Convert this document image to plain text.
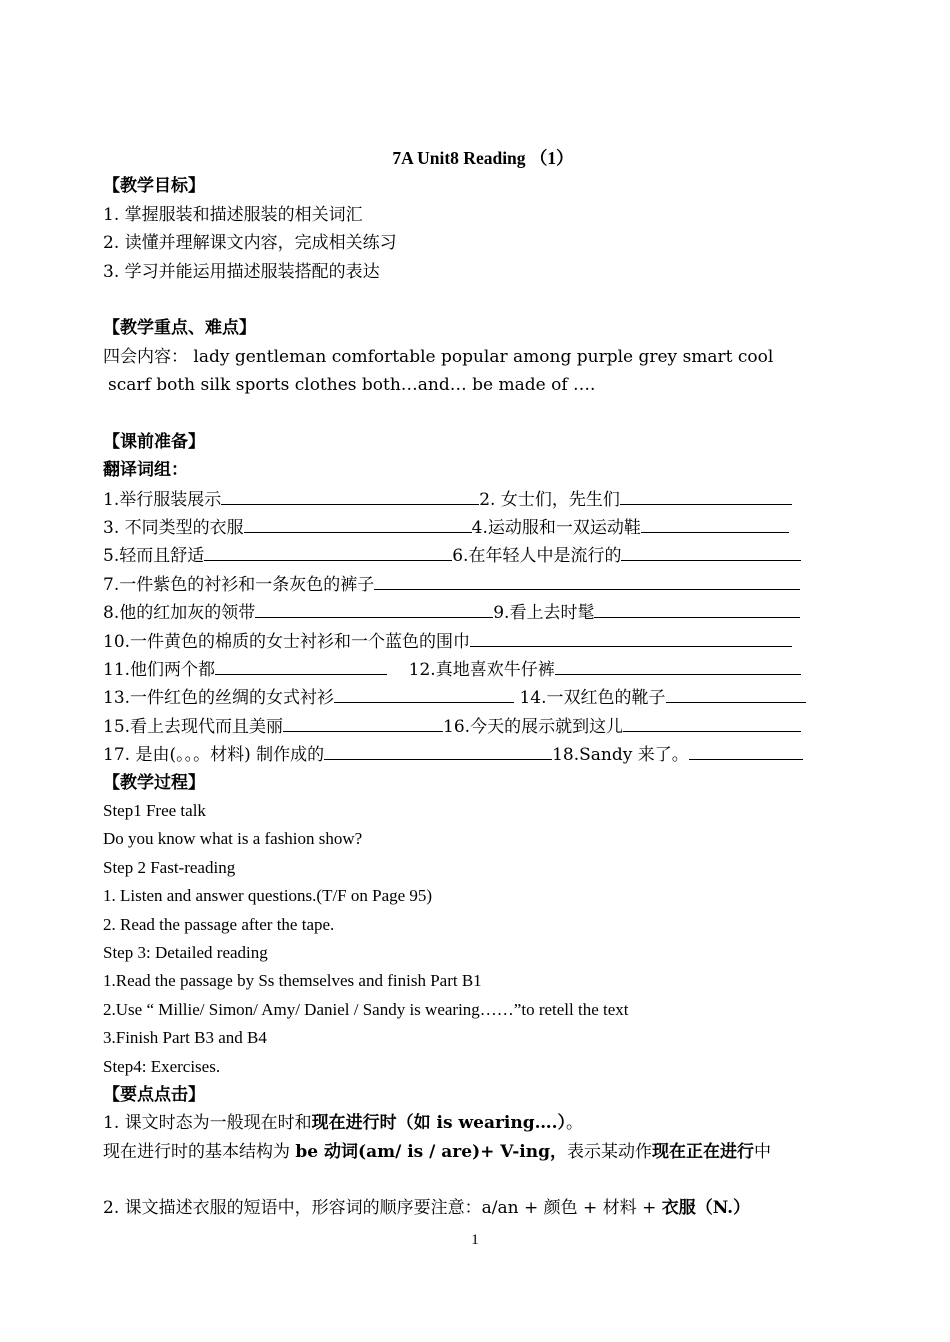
7A Unit8 Reading （1）
【教学目标】
1. 掌握服装和描述服装的相关词汇
2. 读懂并理解课文内容，完成相关练习
3. 学习并能运用描述服装搭配的表达
【教学重点、难点】
四会内容： lady gentleman comfortable popular among purple grey smart cool
scarf both silk sports clothes both…and… be made of ….
【课前准备】
翻译词组：
1.举行服装展示	2. 女士们，先生们
3. 不同类型的衣服	4.运动服和一双运动鞋
5.轻而且舒适	6.在年轻人中是流行的
7.一件紫色的衬衫和一条灰色的裤子
8.他的红加灰的领带	9.看上去时髦
10.一件黄色的棉质的女士衬衫和一个蓝色的围巾
11.他们两个都	12.真地喜欢牛仔裤
13.一件红色的丝绸的女式衬衫	14.一双红色的靴子
15.看上去现代而且美丽	16.今天的展示就到这儿
17. 是由(。。。材料) 制作成的	18.Sandy 来了。
【教学过程】
Step1 Free talk
Do you know what is a fashion show?
Step 2 Fast-reading
1. Listen and answer questions.(T/F on Page 95)
2. Read the passage after the tape.
Step 3: Detailed reading
1.Read the passage by Ss themselves and finish Part B1
2.Use “ Millie/ Simon/ Amy/ Daniel / Sandy is wearing……”to retell the text
3.Finish Part B3 and B4
Step4: Exercises.
【要点点击】
1. 课文时态为一般现在时和现在进行时（如 is wearing….）。
现在进行时的基本结构为 be 动词(am/ is / are)+ V-ing，表示某动作现在正在进行中
2. 课文描述衣服的短语中，形容词的顺序要注意：a/an + 颜色 + 材料 + 衣服（N.）
1
